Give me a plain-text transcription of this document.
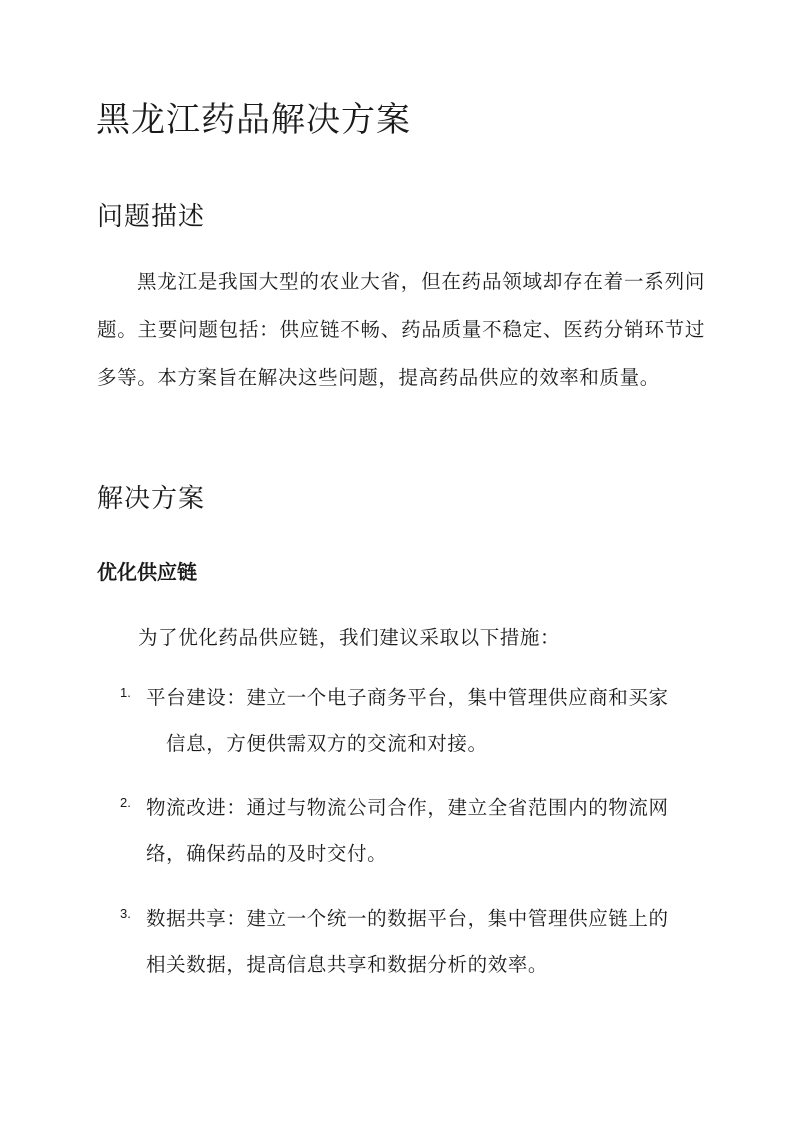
黑龙江药品解决方案
问题描述

黑龙江是我国大型的农业大省，但在药品领域却存在着一系列问题。主要问题包括：供应链不畅、药品质量不稳定、医药分销环节过多等。本方案旨在解决这些问题，提高药品供应的效率和质量。

解决方案
优化供应链

为了优化药品供应链，我们建议采取以下措施：

1. 平台建设：建立一个电子商务平台，集中管理供应商和买家
信息，方便供需双方的交流和对接。
2. 物流改进：通过与物流公司合作，建立全省范围内的物流网
络，确保药品的及时交付。
3. 数据共享：建立一个统一的数据平台，集中管理供应链上的
相关数据，提高信息共享和数据分析的效率。
